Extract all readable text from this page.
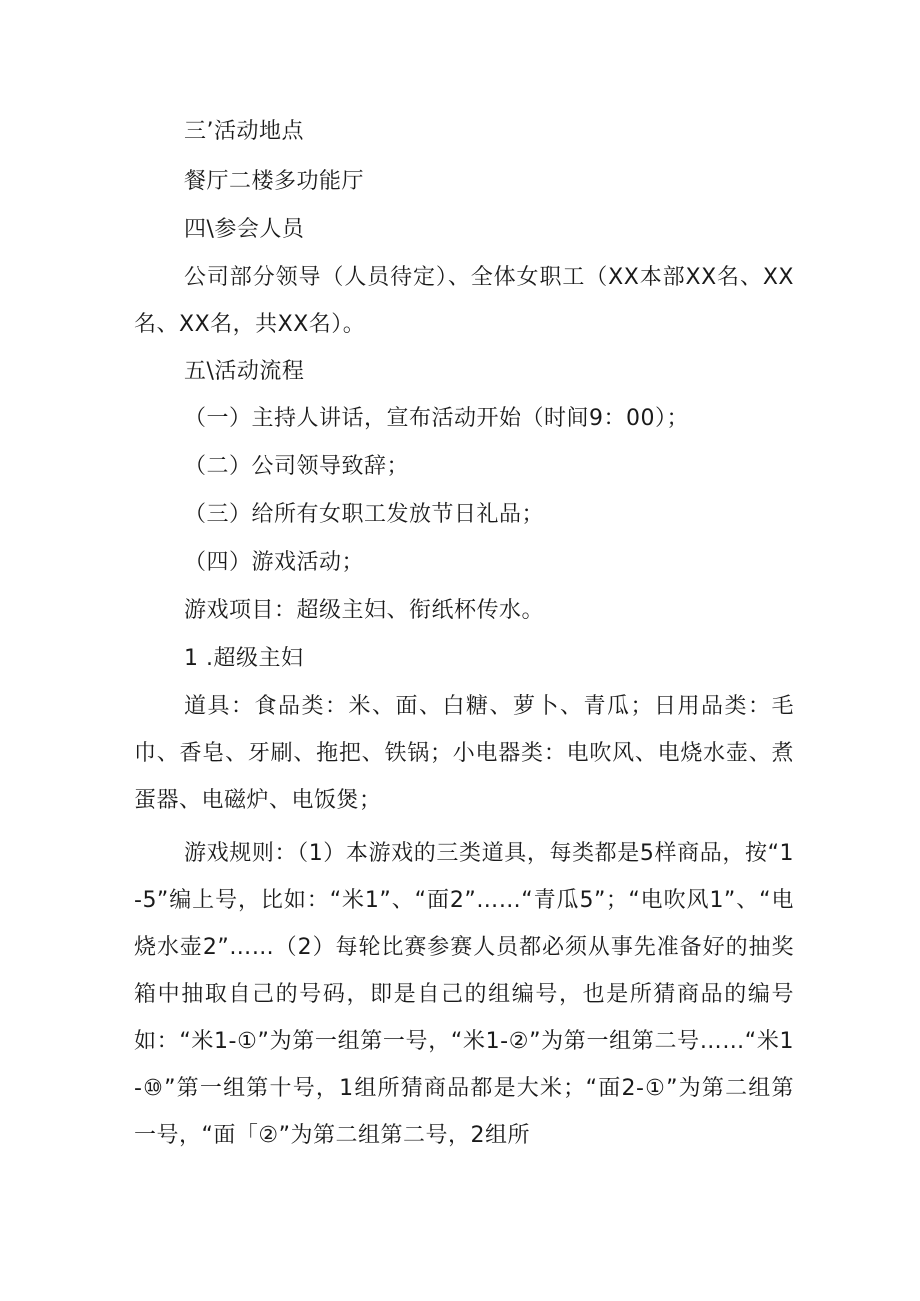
三’活动地点

餐厅二楼多功能厅

四\参会人员

公司部分领导（人员待定）、全体女职工（XX本部XX名、XX名、XX名，共XX名）。

五\活动流程

（一）主持人讲话，宣布活动开始（时间9：00）；

（二）公司领导致辞；

（三）给所有女职工发放节日礼品；

（四）游戏活动；

游戏项目：超级主妇、衔纸杯传水。

1 .超级主妇

道具：食品类：米、面、白糖、萝卜、青瓜；日用品类：毛巾、香皂、牙刷、拖把、铁锅；小电器类：电吹风、电烧水壶、煮蛋器、电磁炉、电饭煲；

游戏规则：（1）本游戏的三类道具，每类都是5样商品，按“1-5”编上号，比如：“米1”、“面2”……“青瓜5”；“电吹风1”、“电烧水壶2”……（2）每轮比赛参赛人员都必须从事先准备好的抽奖箱中抽取自己的号码，即是自己的组编号，也是所猜商品的编号如：“米1-①”为第一组第一号，“米1-②”为第一组第二号……“米1-⑩”第一组第十号，1组所猜商品都是大米；“面2-①”为第二组第一号，“面「②”为第二组第二号，2组所
